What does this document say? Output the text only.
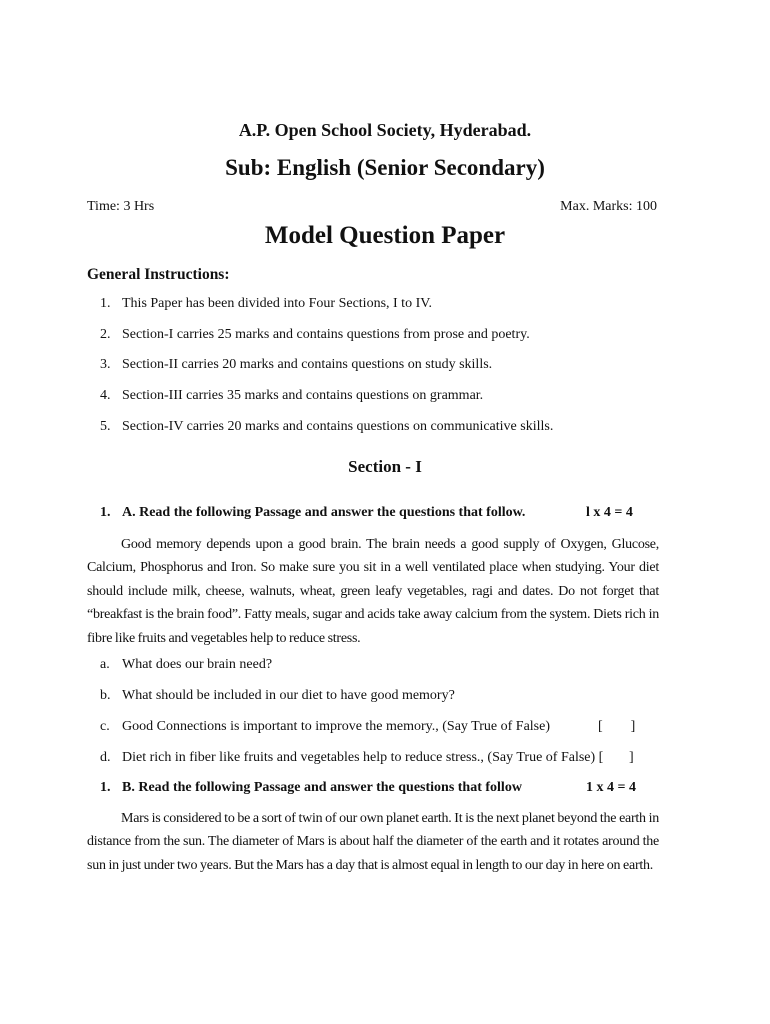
A.P. Open School Society, Hyderabad.
Sub: English (Senior Secondary)
Time: 3 Hrs	Max. Marks: 100
Model Question Paper
General Instructions:
1. This Paper has been divided into Four Sections, I to IV.
2. Section-I carries 25 marks and contains questions from prose and poetry.
3. Section-II carries 20 marks and contains questions on study skills.
4. Section-III carries 35 marks and contains questions on grammar.
5. Section-IV carries 20 marks and contains questions on communicative skills.
Section - I
1. A. Read the following Passage and answer the questions that follow.	l x 4 = 4
Good memory depends upon a good brain. The brain needs a good supply of Oxygen, Glucose, Calcium, Phosphorus and Iron. So make sure you sit in a well ventilated place when studying. Your diet should include milk, cheese, walnuts, wheat, green leafy vegetables, ragi and dates. Do not forget that “breakfast is the brain food”. Fatty meals, sugar and acids take away calcium from the system. Diets rich in fibre like fruits and vegetables help to reduce stress.
a. What does our brain need?
b. What should be included in our diet to have good memory?
c. Good Connections is important to improve the memory., (Say True of False)	[        ]
d. Diet rich in fiber like fruits and vegetables help to reduce stress., (Say True of False) [ ]
1. B. Read the following Passage and answer the questions that follow	1 x 4 = 4
Mars is considered to be a sort of twin of our own planet earth. It is the next planet beyond the earth in distance from the sun. The diameter of Mars is about half the diameter of the earth and it rotates around the sun in just under two years. But the Mars has a day that is almost equal in length to our day in here on earth.
